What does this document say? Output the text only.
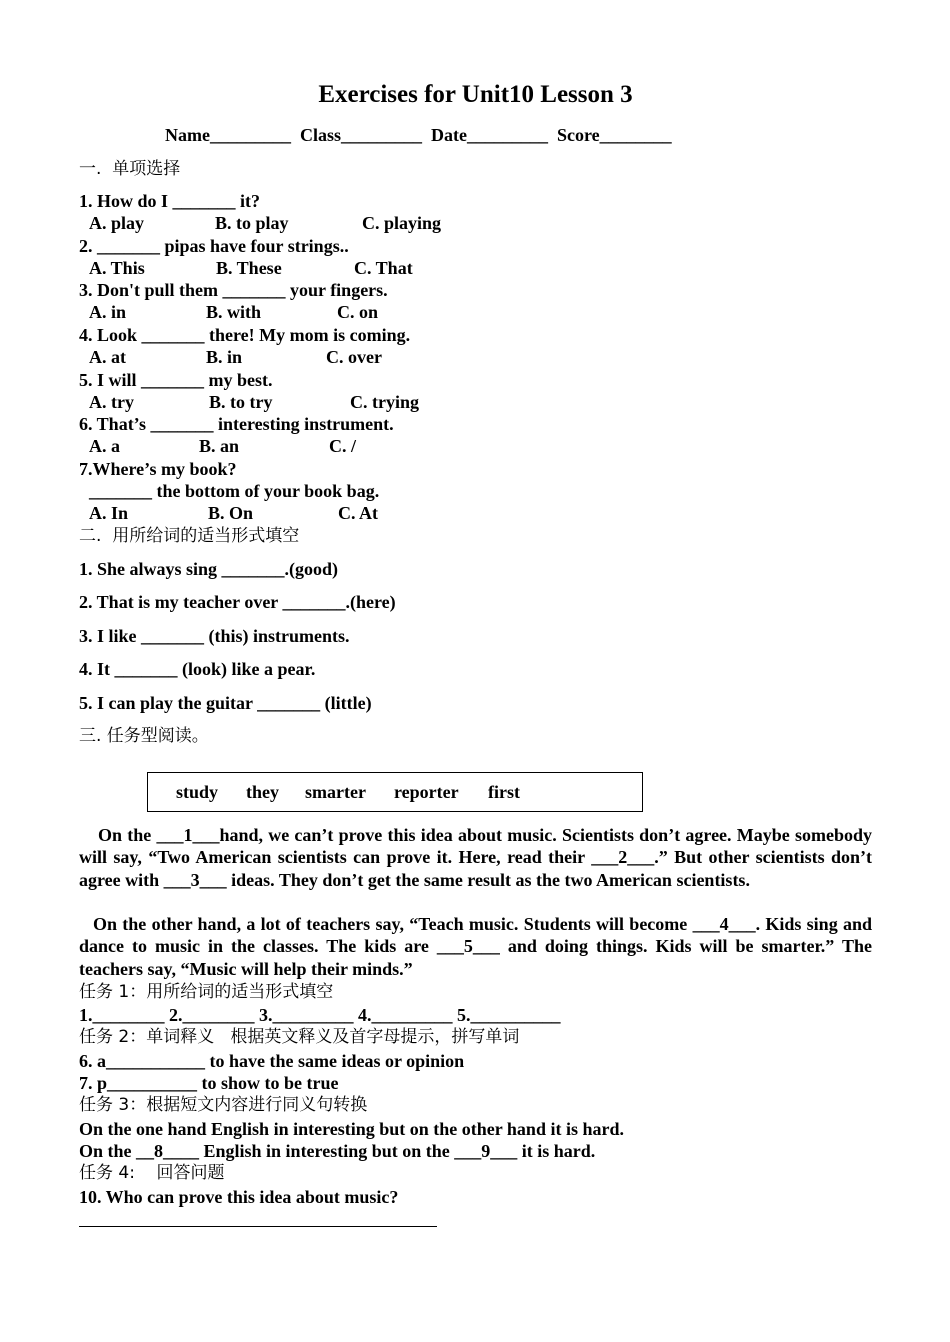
Exercises for Unit10 Lesson 3
Name_________  Class_________  Date_________  Score________
一.  单项选择
1. How do I _______ it?
A. play	B. to play	C. playing
2. _______ pipas have four strings..
A. This	B. These	C. That
3. Don't pull them _______ your fingers.
A. in	B. with	C. on
4. Look _______ there! My mom is coming.
A. at	B. in	C. over
5. I will _______ my best.
A. try	B. to try	C. trying
6. That’s _______ interesting instrument.
A. a	B. an	C. /
7.Where’s my book?
_______ the bottom of your book bag.
A. In	B. On	C. At
二.  用所给词的适当形式填空
1. She always sing _______.(good)
2. That is my teacher over _______.(here)
3. I like _______ (this) instruments.
4. It _______ (look) like a pear.
5. I can play the guitar _______ (little)
三. 任务型阅读。
study they smarter reporter first
On the ___1___hand, we can’t prove this idea about music. Scientists don’t agree. Maybe somebody will say, “Two American scientists can prove it. Here, read their ___2___.” But other scientists don’t agree with ___3___ ideas. They don’t get the same result as the two American scientists.
On the other hand, a lot of teachers say, “Teach music. Students will become ___4___. Kids sing and dance to music in the classes. The kids are ___5___ and doing things. Kids will be smarter.” The teachers say, “Music will help their minds.”
任务 1：用所给词的适当形式填空
1.________ 2.________ 3._________ 4._________ 5.__________
任务 2：单词释义   根据英文释义及首字母提示，拼写单词
6. a___________ to have the same ideas or opinion
7. p__________ to show to be true
任务 3：根据短文内容进行同义句转换
On the one hand English in interesting but on the other hand it is hard.
On the __8____ English in interesting but on the ___9___ it is hard.
任务 4:    回答问题
10. Who can prove this idea about music?
